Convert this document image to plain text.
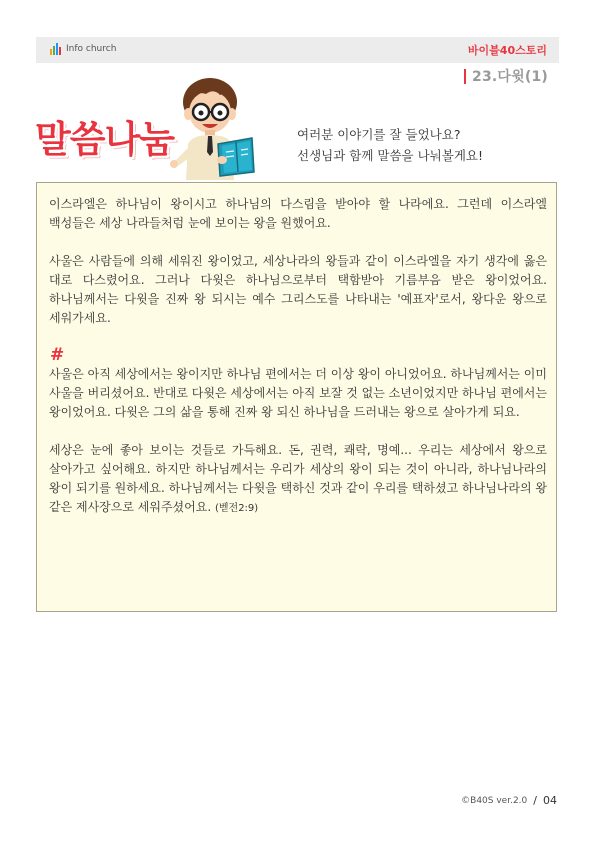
Info church	바이블40스토리
23.다윗(1)
말씀나눔	여러분 이야기를 잘 들었나요?

선생님과 함께 말씀을 나눠볼게요!

이스라엘은 하나님이 왕이시고 하나님의 다스림을 받아야 할 나라에요. 그런데 이스라엘 백성들은 세상 나라들처럼 눈에 보이는 왕을 원했어요.

사울은 사람들에 의해 세워진 왕이었고, 세상나라의 왕들과 같이 이스라엘을 자기 생각에 옳은 대로 다스렸어요. 그러나 다윗은 하나님으로부터 택함받아 기름부음 받은 왕이었어요. 하나님께서는 다윗을 진짜 왕 되시는 예수 그리스도를 나타내는 '예표자'로서, 왕다운 왕으로 세워가세요.

#

사울은 아직 세상에서는 왕이지만 하나님 편에서는 더 이상 왕이 아니었어요. 하나님께서는 이미 사울을 버리셨어요. 반대로 다윗은 세상에서는 아직 보잘 것 없는 소년이었지만 하나님 편에서는 왕이었어요. 다윗은 그의 삶을 통해 진짜 왕 되신 하나님을 드러내는 왕으로 살아가게 되요.

세상은 눈에 좋아 보이는 것들로 가득해요. 돈, 권력, 쾌락, 명예... 우리는 세상에서 왕으로 살아가고 싶어해요. 하지만 하나님께서는 우리가 세상의 왕이 되는 것이 아니라, 하나님나라의 왕이 되기를 원하세요. 하나님께서는 다윗을 택하신 것과 같이 우리를 택하셨고 하나님나라의 왕 같은 제사장으로 세워주셨어요. (벧전2:9)

©B40S ver.2.0 / 04
